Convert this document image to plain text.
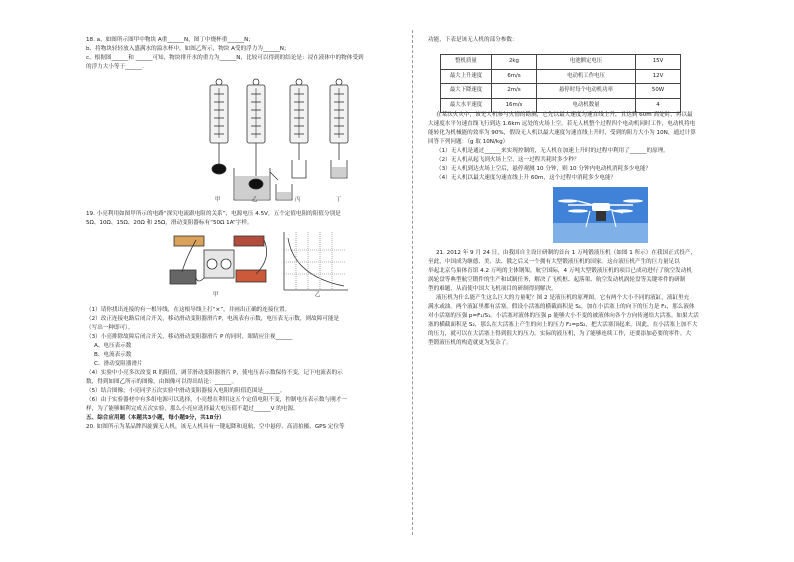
18. a、如图所示图甲中物块 A重______N，图丁中烧杯重______N；
b、将物块轻轻放入盛满水的溢水杯中，如图乙所示，物块 A受的浮力为______N；
c、根据图______和 ______可知，物块排开水的重力为______N，比较可以得到的结论是：浸在液体中的物体受到
的浮力大小等于______.
甲	乙	丙	丁
19. 小亮利用如图甲所示的电路“探究电流跟电阻的关系”，电源电压 4.5V，五个定值电阻的阻值分别是
5Ω、10Ω、15Ω、20Ω 和 25Ω，滑动变阻器标有“50Ω 1A”字样。
甲	乙
（1）请你找出连接的有一根导线，在这根导线上打“×”，并画出正确的连接位置。
（2）改正连接电路后闭合开关，移动滑动变阻器滑片P，电流表有示数，电压表无示数，则故障可能是
（写出一种即可）。
（3）小亮排除故障后闭合开关，移动滑动变阻器滑片 P 的同时，眼睛应注视______
A、电压表示数
B、电流表示数
C、滑动变阻器滑片
（4）实验中小亮多次改变 R 的阻值，调节滑动变阻器滑片 P，使电压表示数保持不变，记下电流表的示
数，得到如图乙所示的图像，由图像可以得出结论：______。
（5）结合图像，小亮同学五次实验中滑动变阻器接入电阻的阻值范围是______。
（6）由于实验器材中有多组电源可以选择，小亮想在利用这五个定值电阻不变，控制电压表示数与刚才一
样，为了能够顺利完成五次实验，那么小亮应选择最大电压值不超过______V 的电源。
五、综合应用题（本题共3小题，每小题9分，共18分）
20. 如图所示为某品牌四旋翼无人机，该无人机具有一键起降和返航、空中悬停、高清拍摄、GPS 定位等
功能，下表是该无人机的部分参数：
整机质量	2kg	电池额定电压	15V
最大上升速度	6m/s	电动机工作电压	12V
最大下降速度	2m/s	悬停时每个电动机功率	50W
最大水平速度	16m/s	电动机数量	4
在某次火灾中，该无人机参与火情的勘测，它先以最大速度匀速直线上升，且达到 60m 高处时，再以最
大速度水平匀速直线飞行到达 1.6km 远处的火场上空。若无人机整个过程四个电动机同时工作，电动机将电
能转化为机械能的效率为 90%，假设无人机以最大速度匀速直线上升时，受到的阻力大小为 10N，通过计算
回答下列问题：（g 取 10N/kg）
（1）无人机是通过______来实现控制的，无人机在加速上升时的过程中利用了______的原理。
（2）无人机从起飞到火场上空，这一过程共耗时多少秒？
（3）无人机到达火场上空后，悬停观测 10 分钟，则 10 分钟内电动机消耗多少电能？
（4）无人机以最大速度匀速直线上升 60m，这个过程中消耗多少电能？
21. 2012 年 9 月 24 日，由我国自主设计研制的首台 1 万吨锻液压机（如图 1 所示）在我国正式投产，
至此，中国成为继德、美、法、俄之后又一个拥有大型锻液压机的国家。这台液压机产生的巨力量足以
举起北京鸟巢体育馆 4.2 万吨的主体钢架，航空国际，4 万吨大型锻液压机的项目已成功进行了航空发动机
涡轮盘等典型航空锻件的生产和试制任务，解决了飞机框、起落架、航空发动机涡轮盘等关键零件的研制
型的难题，从而使中国大飞机项目的研制得到解决。
液压机为什么能产生这么巨大的力量呢？图 2 是液压机的原理图。它有两个大小不同的液缸，液缸里充
满水或油。两个液缸里都有活塞。假设小活塞的横截面积是 S₁，加在小活塞上的向下的压力是 F₁，那么液体
对小活塞的压强 p=F₁/S₁。小活塞对液体的压强 p 能够大小不变的被液体向各个方向传递给大活塞。如果大活
塞的横截面积是 S₂，那么在大活塞上产生的向上的压力 F₂=pS₂，把大活塞顶起来。因此，在小活塞上加不大
的压力，就可以在大活塞上得到很大的压力。实际的液压机，为了能够连续工作，还要添加必要的零件。大
型锻液压机的构造就更为复杂了。
